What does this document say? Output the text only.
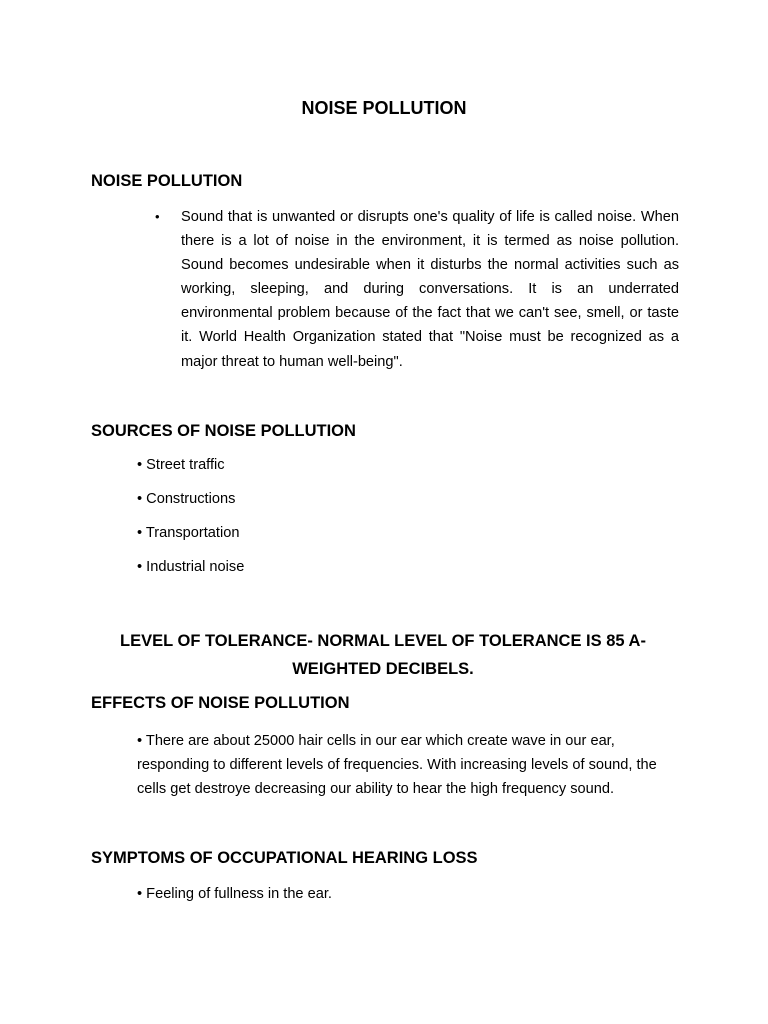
NOISE POLLUTION
NOISE POLLUTION
•	Sound that is unwanted or disrupts one's quality of life is called noise. When there is a lot of noise in the environment, it is termed as noise pollution. Sound becomes undesirable when it disturbs the normal activities such as working, sleeping, and during conversations. It is an underrated environmental problem because of the fact that we can't see, smell, or taste it. World Health Organization stated that "Noise must be recognized as a major threat to human well-being".
SOURCES OF NOISE POLLUTION
• Street traffic
• Constructions
• Transportation
• Industrial noise
LEVEL OF TOLERANCE- NORMAL LEVEL OF TOLERANCE IS 85 A-WEIGHTED DECIBELS.
EFFECTS OF NOISE POLLUTION
• There are about 25000 hair cells in our ear which create wave in our ear, responding to different levels of frequencies. With increasing levels of sound, the cells get destroye decreasing our ability to hear the high frequency sound.
SYMPTOMS OF OCCUPATIONAL HEARING LOSS
• Feeling of fullness in the ear.
